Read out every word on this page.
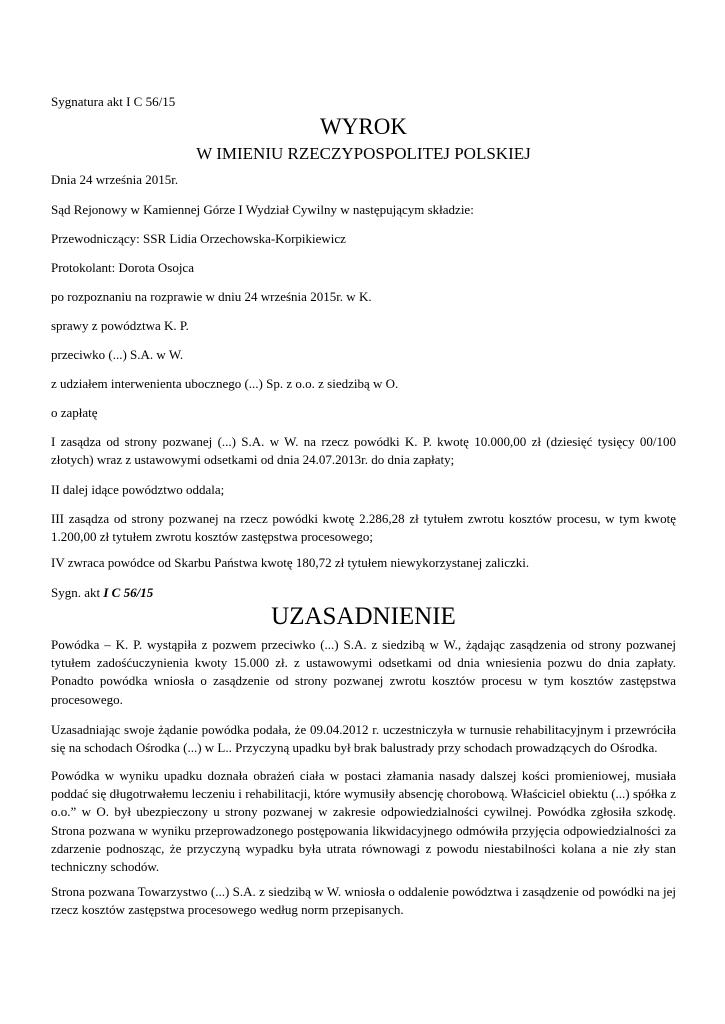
Sygnatura akt I C 56/15
WYROK
W IMIENIU RZECZYPOSPOLITEJ POLSKIEJ
Dnia 24 września 2015r.
Sąd Rejonowy w Kamiennej Górze I Wydział Cywilny w następującym składzie:
Przewodniczący: SSR Lidia Orzechowska-Korpikiewicz
Protokolant: Dorota Osojca
po rozpoznaniu na rozprawie w dniu 24 września 2015r. w K.
sprawy z powództwa K. P.
przeciwko (...) S.A. w W.
z udziałem interwenienta ubocznego (...) Sp. z o.o. z siedzibą w O.
o zapłatę
I zasądza od strony pozwanej (...) S.A. w W. na rzecz powódki K. P. kwotę 10.000,00 zł (dziesięć tysięcy 00/100 złotych) wraz z ustawowymi odsetkami od dnia 24.07.2013r. do dnia zapłaty;
II dalej idące powództwo oddala;
III zasądza od strony pozwanej na rzecz powódki kwotę 2.286,28 zł tytułem zwrotu kosztów procesu, w tym kwotę 1.200,00 zł tytułem zwrotu kosztów zastępstwa procesowego;
IV zwraca powódce od Skarbu Państwa kwotę 180,72 zł tytułem niewykorzystanej zaliczki.
Sygn. akt I C 56/15
UZASADNIENIE
Powódka – K. P. wystąpiła z pozwem przeciwko (...) S.A. z siedzibą w W., żądając zasądzenia od strony pozwanej tytułem zadośćuczynienia kwoty 15.000 zł. z ustawowymi odsetkami od dnia wniesienia pozwu do dnia zapłaty. Ponadto powódka wniosła o zasądzenie od strony pozwanej zwrotu kosztów procesu w tym kosztów zastępstwa procesowego.
Uzasadniając swoje żądanie powódka podała, że 09.04.2012 r. uczestniczyła w turnusie rehabilitacyjnym i przewróciła się na schodach Ośrodka (...) w L.. Przyczyną upadku był brak balustrady przy schodach prowadzących do Ośrodka.
Powódka w wyniku upadku doznała obrażeń ciała w postaci złamania nasady dalszej kości promieniowej, musiała poddać się długotrwałemu leczeniu i rehabilitacji, które wymusiły absencję chorobową. Właściciel obiektu (...) spółka z o.o.” w O. był ubezpieczony u strony pozwanej w zakresie odpowiedzialności cywilnej. Powódka zgłosiła szkodę. Strona pozwana w wyniku przeprowadzonego postępowania likwidacyjnego odmówiła przyjęcia odpowiedzialności za zdarzenie podnosząc, że przyczyną wypadku była utrata równowagi z powodu niestabilności kolana a nie zły stan techniczny schodów.
Strona pozwana Towarzystwo (...) S.A. z siedzibą w W. wniosła o oddalenie powództwa i zasądzenie od powódki na jej rzecz kosztów zastępstwa procesowego według norm przepisanych.
